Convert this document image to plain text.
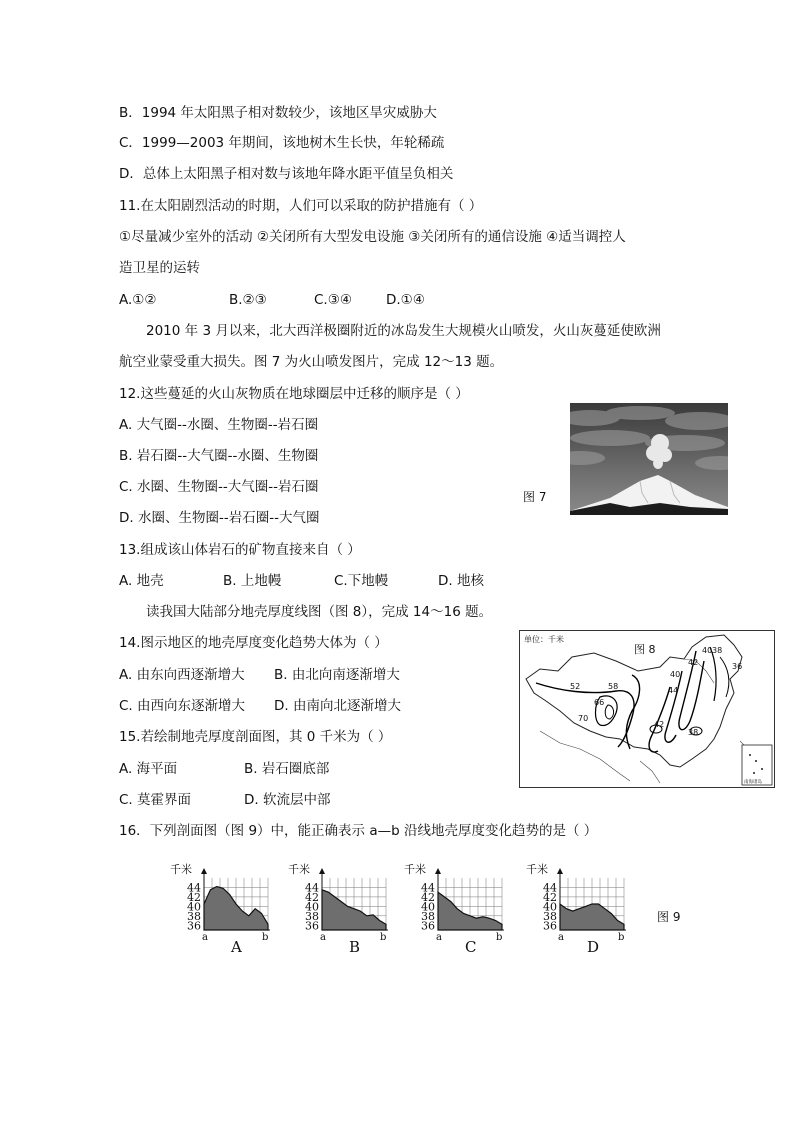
B．1994 年太阳黑子相对数较少，该地区旱灾威胁大
C．1999—2003 年期间，该地树木生长快，年轮稀疏
D．总体上太阳黑子相对数与该地年降水距平值呈负相关
11.在太阳剧烈活动的时期，人们可以采取的防护措施有（ ）
①尽量减少室外的活动 ②关闭所有大型发电设施 ③关闭所有的通信设施 ④适当调控人
造卫星的运转
A.①②	B.②③	C.③④	D.①④
2010 年 3 月以来，北大西洋极圈附近的冰岛发生大规模火山喷发，火山灰蔓延使欧洲
航空业蒙受重大损失。图 7 为火山喷发图片，完成 12～13 题。
12.这些蔓延的火山灰物质在地球圈层中迁移的顺序是（ ）
A. 大气圈--水圈、生物圈--岩石圈
B. 岩石圈--大气圈--水圈、生物圈
C. 水圈、生物圈--大气圈--岩石圈
D. 水圈、生物圈--岩石圈--大气圈
图 7
13.组成该山体岩石的矿物直接来自（ ）
A. 地壳	B. 上地幔	C.下地幔	D. 地核
读我国大陆部分地壳厚度线图（图 8），完成 14～16 题。
14.图示地区的地壳厚度变化趋势大体为（ ）
A. 由东向西逐渐增大 B. 由北向南逐渐增大
C. 由西向东逐渐增大 D. 由南向北逐渐增大
单位：千米
图 8
52	58
66
70
44
42
40 38
36
42
38
40
南海诸岛
15.若绘制地壳厚度剖面图，其 0 千米为（ ）
A. 海平面	B. 岩石圈底部
C. 莫霍界面	D. 软流层中部
16．下列剖面图（图 9）中，能正确表示 a—b 沿线地壳厚度变化趋势的是（ ）
千米
44
42
40
38
36
a	b
A
千米
44
42
40
38
36
a	b
B
千米
44
42
40
38
36
a	b
C
千米
44
42
40
38
36
a	b
D
图 9
